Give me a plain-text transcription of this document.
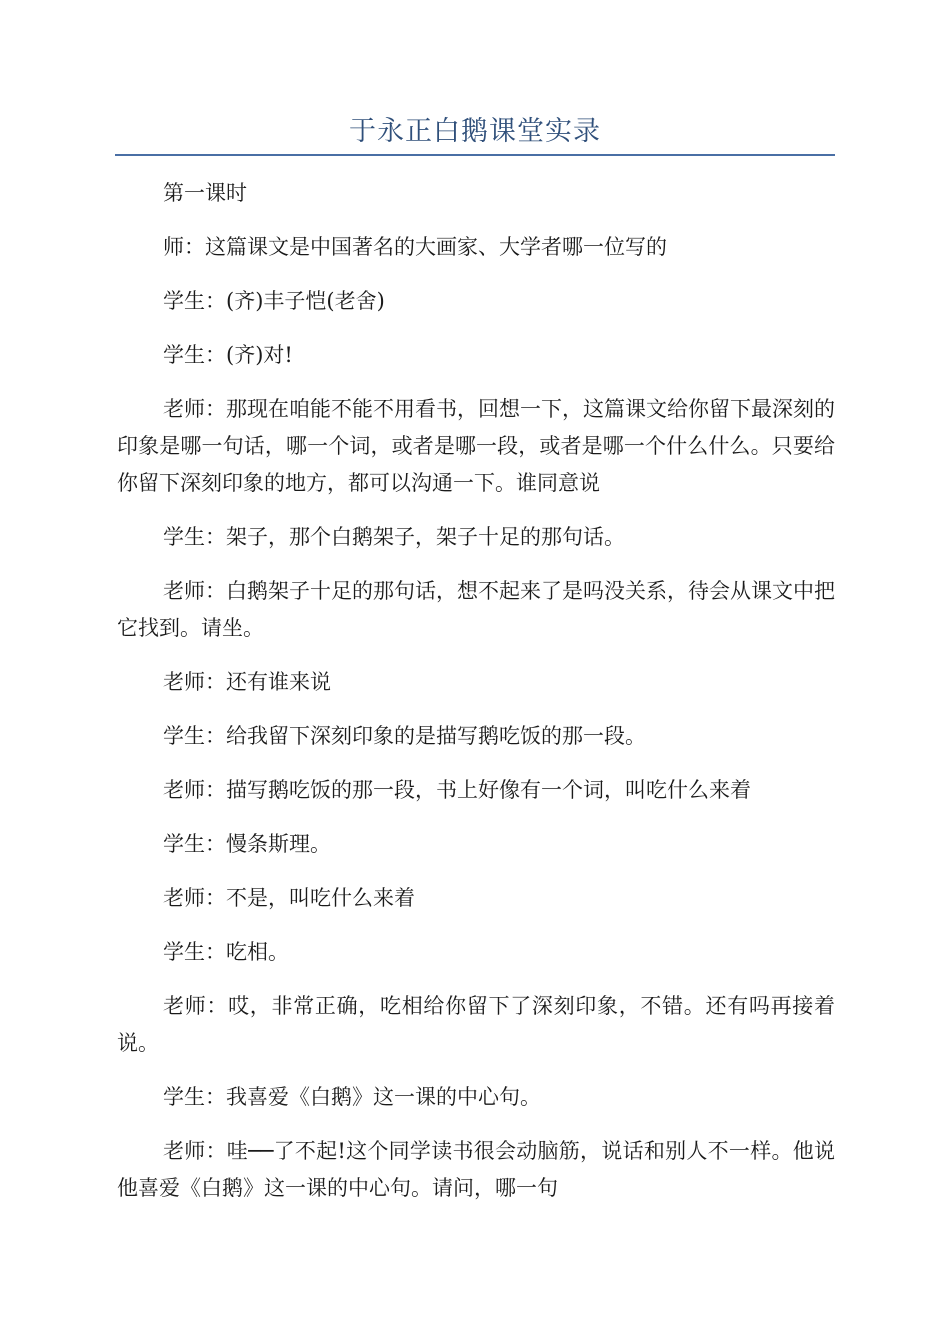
于永正白鹅课堂实录

第一课时

师：这篇课文是中国著名的大画家、大学者哪一位写的

学生：(齐)丰子恺(老舍)

学生：(齐)对!

老师：那现在咱能不能不用看书，回想一下，这篇课文给你留下最深刻的印象是哪一句话，哪一个词，或者是哪一段，或者是哪一个什么什么。只要给你留下深刻印象的地方，都可以沟通一下。谁同意说

学生：架子，那个白鹅架子，架子十足的那句话。

老师：白鹅架子十足的那句话，想不起来了是吗没关系，待会从课文中把它找到。请坐。

老师：还有谁来说

学生：给我留下深刻印象的是描写鹅吃饭的那一段。

老师：描写鹅吃饭的那一段，书上好像有一个词，叫吃什么来着

学生：慢条斯理。

老师：不是，叫吃什么来着

学生：吃相。

老师：哎，非常正确，吃相给你留下了深刻印象，不错。还有吗再接着说。

学生：我喜爱《白鹅》这一课的中心句。

老师：哇──了不起!这个同学读书很会动脑筋，说话和别人不一样。他说他喜爱《白鹅》这一课的中心句。请问，哪一句
